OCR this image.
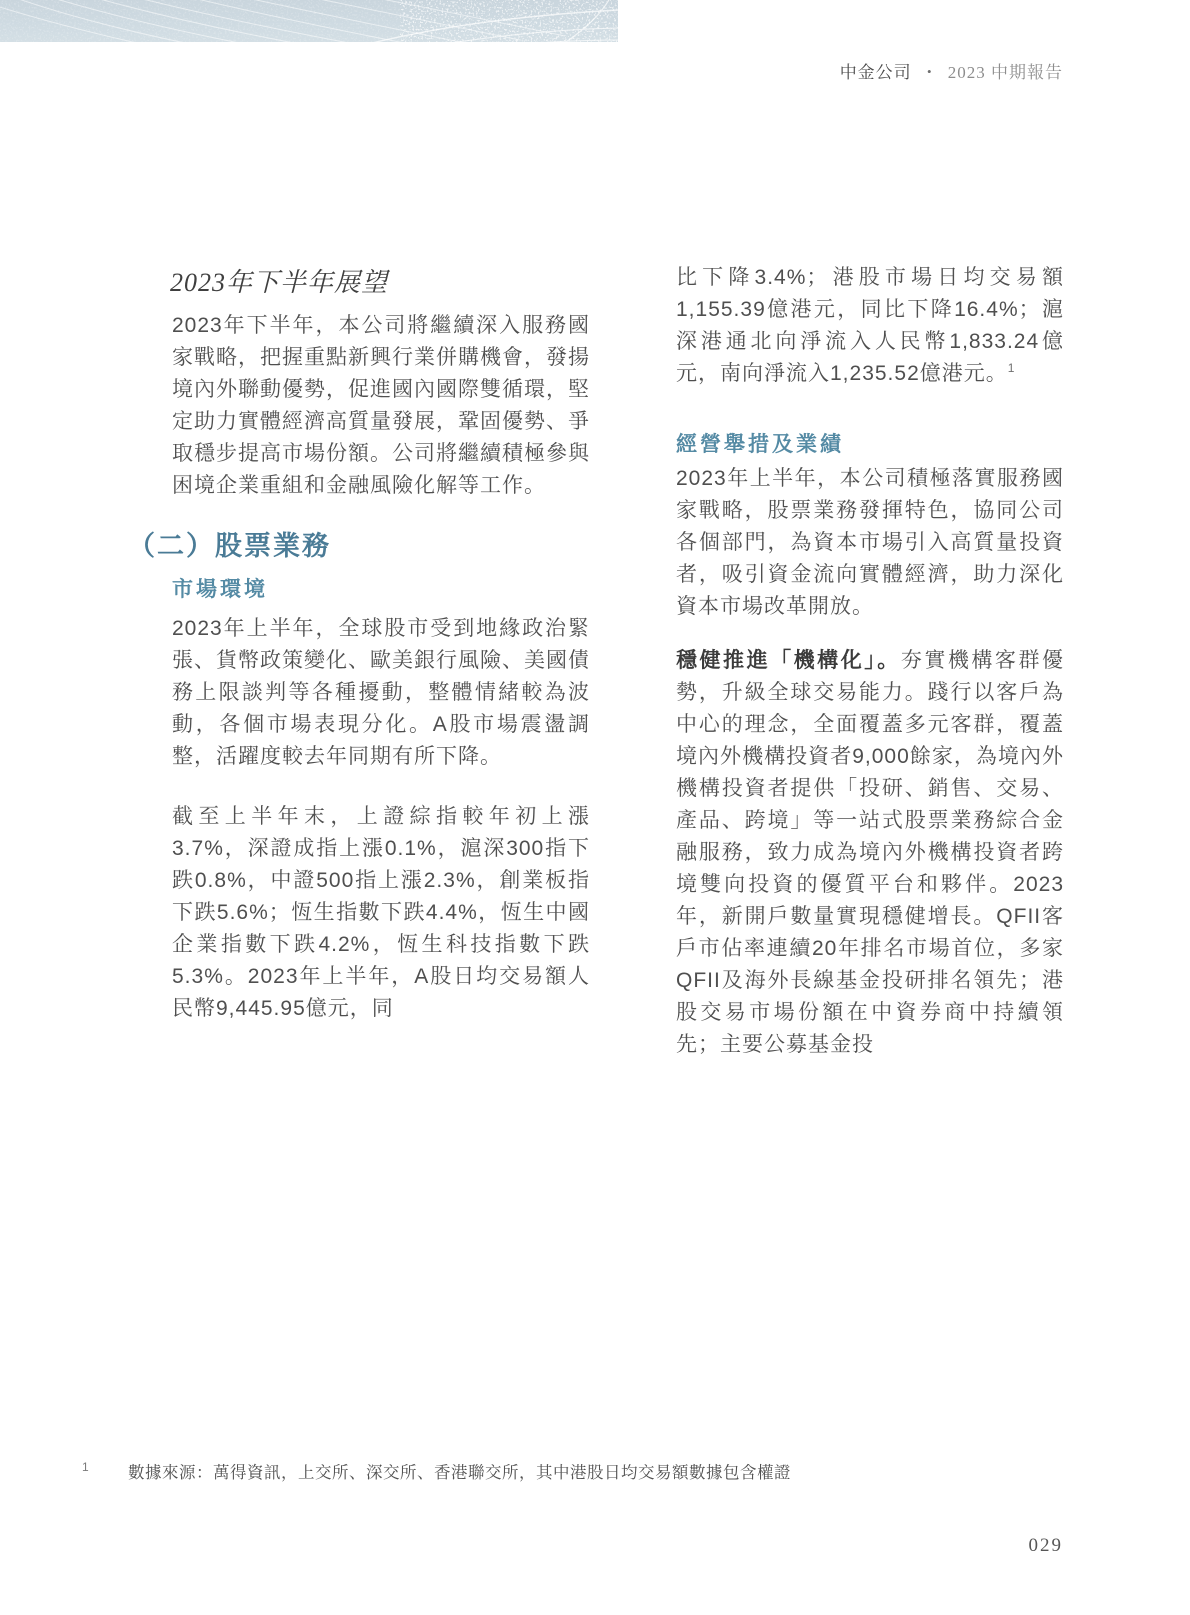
中金公司 • 2023 中期報告
2023年下半年展望
2023年下半年，本公司將繼續深入服務國家戰略，把握重點新興行業併購機會，發揚境內外聯動優勢，促進國內國際雙循環，堅定助力實體經濟高質量發展，鞏固優勢、爭取穩步提高市場份額。公司將繼續積極參與困境企業重組和金融風險化解等工作。
（二）股票業務
市場環境
2023年上半年，全球股市受到地緣政治緊張、貨幣政策變化、歐美銀行風險、美國債務上限談判等各種擾動，整體情緒較為波動，各個市場表現分化。A股市場震盪調整，活躍度較去年同期有所下降。
截至上半年末，上證綜指較年初上漲3.7%，深證成指上漲0.1%，滬深300指下跌0.8%，中證500指上漲2.3%，創業板指下跌5.6%；恆生指數下跌4.4%，恆生中國企業指數下跌4.2%，恆生科技指數下跌5.3%。2023年上半年，A股日均交易額人民幣9,445.95億元，同
比下降3.4%；港股市場日均交易額1,155.39億港元，同比下降16.4%；滬深港通北向淨流入人民幣1,833.24億元，南向淨流入1,235.52億港元。$^1$
經營舉措及業績
2023年上半年，本公司積極落實服務國家戰略，股票業務發揮特色，協同公司各個部門，為資本市場引入高質量投資者，吸引資金流向實體經濟，助力深化資本市場改革開放。
穩健推進「機構化」。夯實機構客群優勢，升級全球交易能力。踐行以客戶為中心的理念，全面覆蓋多元客群，覆蓋境內外機構投資者9,000餘家，為境內外機構投資者提供「投研、銷售、交易、產品、跨境」等一站式股票業務綜合金融服務，致力成為境內外機構投資者跨境雙向投資的優質平台和夥伴。2023年，新開戶數量實現穩健增長。QFII客戶市佔率連續20年排名市場首位，多家QFII及海外長線基金投研排名領先；港股交易市場份額在中資券商中持續領先；主要公募基金投
1 數據來源：萬得資訊，上交所、深交所、香港聯交所，其中港股日均交易額數據包含權證
029
